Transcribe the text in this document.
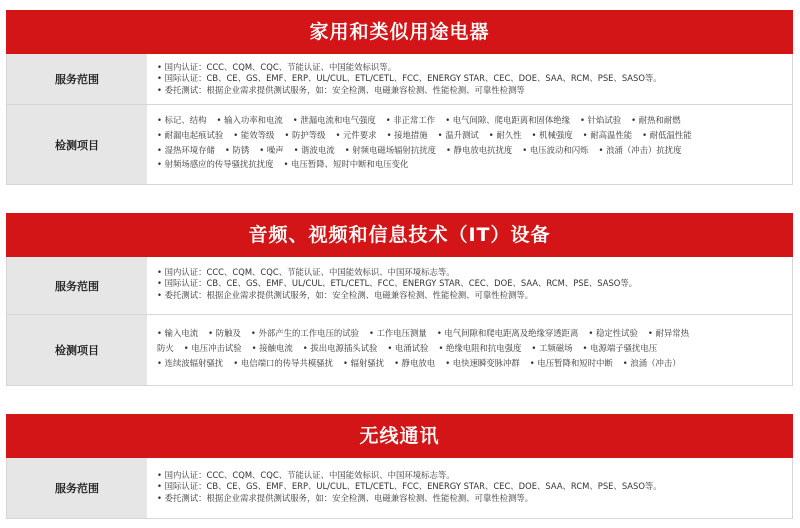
家用和类似用途电器
服务范围
• 国内认证：CCC、CQM、CQC、节能认证、中国能效标识等。
• 国际认证：CB、CE、GS、EMF、ERP、UL/CUL、ETL/CETL、FCC、ENERGY STAR、CEC、DOE、SAA、RCM、PSE、SASO等。
• 委托测试：根据企业需求提供测试服务，如：安全检测、电磁兼容检测、性能检测、可靠性检测等
检测项目
• 标记、结构 • 输入功率和电流 • 泄漏电流和电气强度 • 非正常工作 • 电气间隙、爬电距离和固体绝缘 • 针焰试验 • 耐热和耐燃
• 耐漏电起痕试验 • 能效等级 • 防护等级 • 元件要求 • 接地措施 • 温升测试 • 耐久性 • 机械强度 • 耐高温性能 • 耐低温性能
• 湿热环境存储 • 防锈 • 噪声 • 谐波电流 • 射频电磁场辐射抗扰度 • 静电放电抗扰度 • 电压波动和闪烁 • 浪涌（冲击）抗扰度
• 射频场感应的传导骚扰抗扰度 • 电压暂降、短时中断和电压变化
音频、视频和信息技术（IT）设备
服务范围
• 国内认证：CCC、CQM、CQC、节能认证、中国能效标识、中国环境标志等。
• 国际认证：CB、CE、GS、EMF、UL/CUL、ETL/CETL、FCC、ENERGY STAR、CEC、DOE、SAA、RCM、PSE、SASO等。
• 委托测试：根据企业需求提供测试服务，如：安全检测、电磁兼容检测、性能检测、可靠性检测等。
检测项目
• 输入电流 • 防触及 • 外部产生的工作电压的试验 • 工作电压测量 • 电气间隙和爬电距离及绝缘穿透距离 • 稳定性试验 • 耐异常热
防火 • 电压冲击试验 • 接触电流 • 拔出电源插头试验 • 电涌试验 • 绝缘电阻和抗电强度 • 工频磁场 • 电源端子骚扰电压
• 连续波辐射骚扰 • 电信端口的传导共模骚扰 • 辐射骚扰 • 静电放电 • 电快速瞬变脉冲群 • 电压暂降和短时中断 • 浪涌（冲击）
无线通讯
服务范围
• 国内认证：CCC、CQM、CQC、节能认证、中国能效标识、中国环境标志等。
• 国际认证：CB、CE、GS、EMF、ERP、UL/CUL、ETL/CETL、FCC、ENERGY STAR、CEC、DOE、SAA、RCM、PSE、SASO等。
• 委托测试：根据企业需求提供测试服务，如：安全检测、电磁兼容检测、性能检测、可靠性检测等。
